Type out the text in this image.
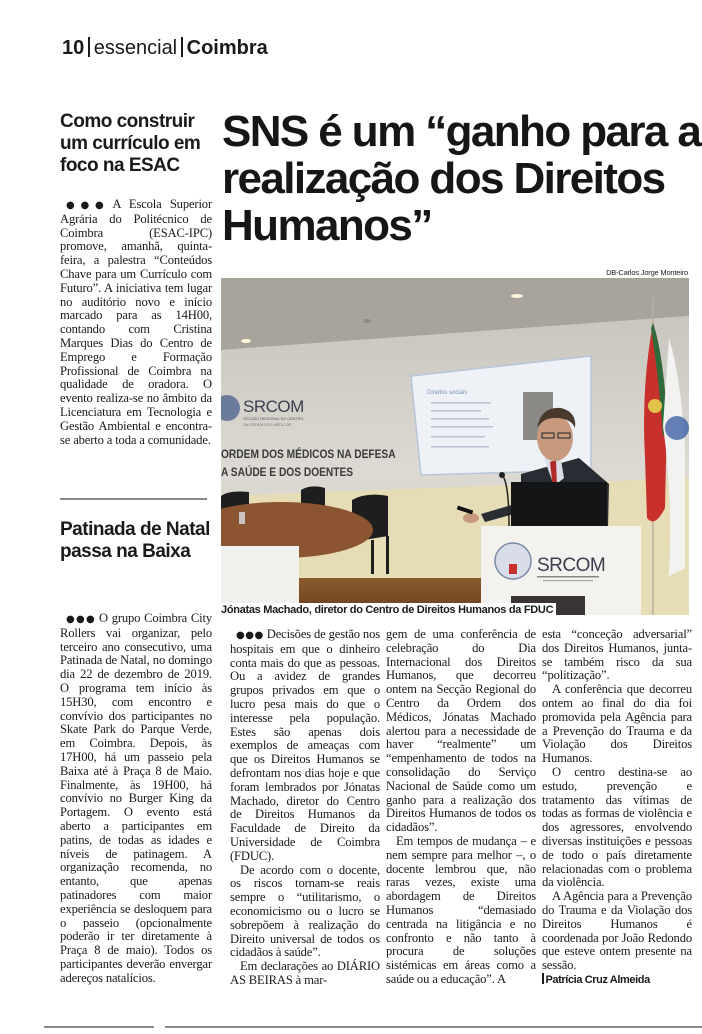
10 essencial Coimbra
Como construir um currículo em foco na ESAC
●●● A Escola Superior Agrária do Politécnico de Coimbra (ESAC-IPC) promove, amanhã, quinta-feira, a palestra “Conteúdos Chave para um Currículo com Futuro”. A iniciativa tem lugar no auditório novo e início marcado para as 14H00, contando com Cristina Marques Dias do Centro de Emprego e Formação Profissional de Coimbra na qualidade de oradora. O evento realiza-se no âmbito da Licenciatura em Tecnologia e Gestão Ambiental e encontra-se aberto a toda a comunidade.
Patinada de Natal passa na Baixa
●●● O grupo Coimbra City Rollers vai organizar, pelo terceiro ano consecutivo, uma Patinada de Natal, no domingo dia 22 de dezembro de 2019. O programa tem início às 15H30, com encontro e convívio dos participantes no Skate Park do Parque Verde, em Coimbra. Depois, às 17H00, há um passeio pela Baixa até à Praça 8 de Maio. Finalmente, às 19H00, há convívio no Burger King da Portagem. O evento está aberto a participantes em patins, de todas as idades e níveis de patinagem. A organização recomenda, no entanto, que apenas patinadores com maior experiência se desloquem para o passeio (opcionalmente poderão ir ter diretamente à Praça 8 de maio). Todos os participantes deverão envergar adereços natalícios.
SNS é um “ganho para a realização dos Direitos Humanos”
DB-Carlos Jorge Monteiro
Direitos sociais
SRCOM
SECÇÃO REGIONAL DO CENTRO
DA ORDEM DOS MÉDICOS
ORDEM DOS MÉDICOS NA DEFESA
A SAÚDE E DOS DOENTES
SRCOM
Jónatas Machado, diretor do Centro de Direitos Humanos da FDUC

●●● Decisões de gestão nos hospitais em que o dinheiro conta mais do que as pessoas. Ou a avidez de grandes grupos privados em que o lucro pesa mais do que o interesse pela população. Estes são apenas dois exemplos de ameaças com que os Direitos Humanos se defrontam nos dias hoje e que foram lembrados por Jónatas Machado, diretor do Centro de Direitos Humanos da Faculdade de Direito da Universidade de Coimbra (FDUC).

De acordo com o docente, os riscos tornam-se reais sempre o “utilitarismo, o economicismo ou o lucro se sobrepõem à realização do Direito universal de todos os cidadãos à saúde”.

Em declarações ao DIÁRIO AS BEIRAS à mar-

gem de uma conferência de celebração do Dia Internacional dos Direitos Humanos, que decorreu ontem na Secção Regional do Centro da Ordem dos Médicos, Jónatas Machado alertou para a necessidade de haver “realmente” um “empenhamento de todos na consolidação do Serviço Nacional de Saúde como um ganho para a realização dos Direitos Humanos de todos os cidadãos”.

Em tempos de mudança – e nem sempre para melhor –, o docente lembrou que, não raras vezes, existe uma abordagem de Direitos Humanos “demasiado centrada na litigância e no confronto e não tanto à procura de soluções sistémicas em áreas como a saúde ou a educação”. A

esta “conceção adversarial” dos Direitos Humanos, junta-se também risco da sua “politização”.

A conferência que decorreu ontem ao final do dia foi promovida pela Agência para a Prevenção do Trauma e da Violação dos Direitos Humanos.

O centro destina-se ao estudo, prevenção e tratamento das vítimas de todas as formas de violência e dos agressores, envolvendo diversas instituições e pessoas de todo o país diretamente relacionadas com o problema da violência.

A Agência para a Prevenção do Trauma e da Violação dos Direitos Humanos é coordenada por João Redondo que esteve ontem presente na sessão.

Patrícia Cruz Almeida
